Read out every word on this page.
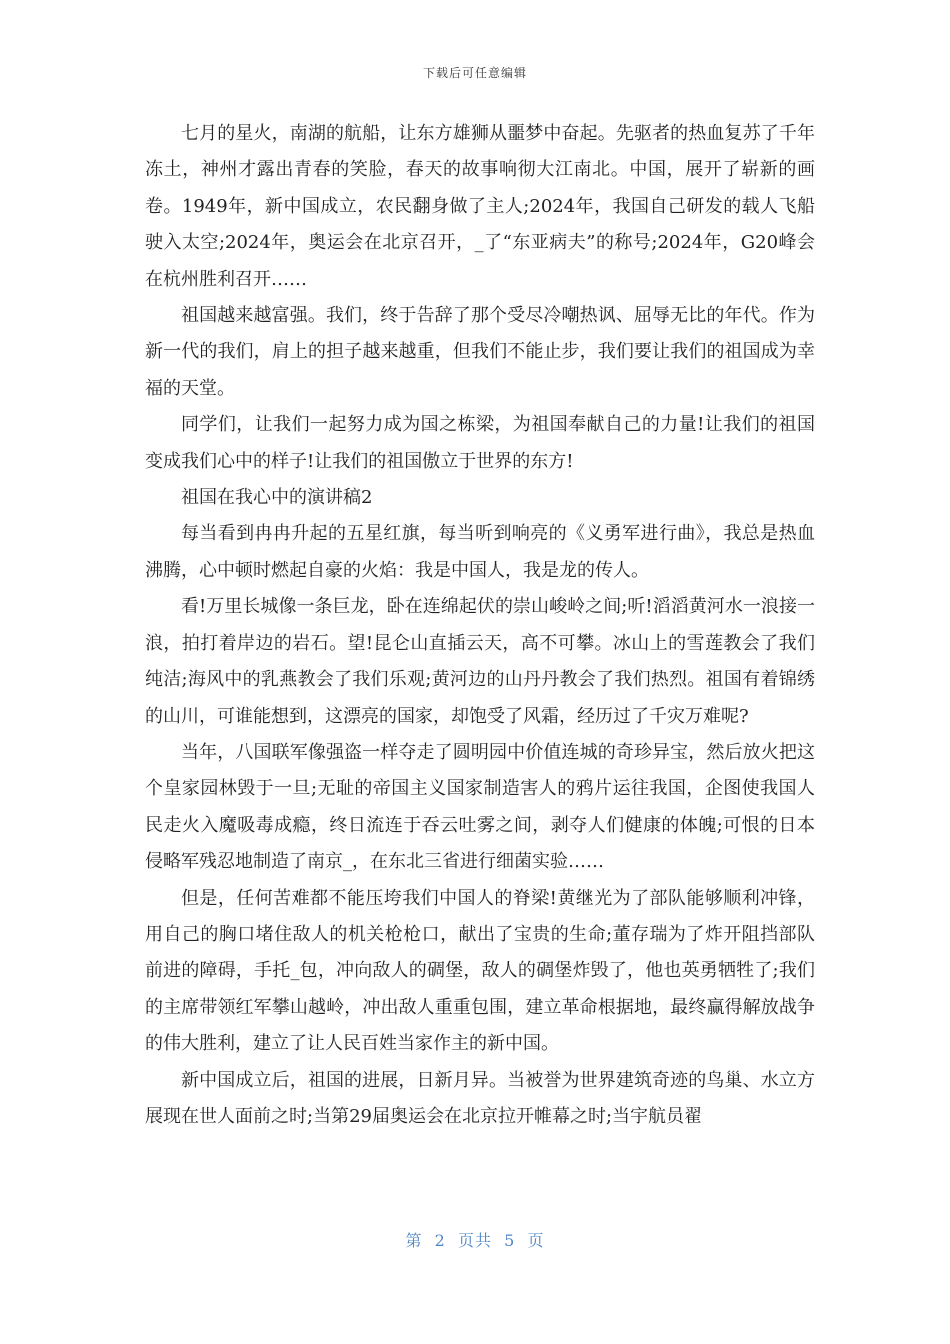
下载后可任意编辑

七月的星火，南湖的航船，让东方雄狮从噩梦中奋起。先驱者的热血复苏了千年冻土，神州才露出青春的笑脸，春天的故事响彻大江南北。中国，展开了崭新的画卷。1949年，新中国成立，农民翻身做了主人;2024年，我国自己研发的载人飞船驶入太空;2024年，奥运会在北京召开，_了“东亚病夫”的称号;2024年，G20峰会在杭州胜利召开……

祖国越来越富强。我们，终于告辞了那个受尽冷嘲热讽、屈辱无比的年代。作为新一代的我们，肩上的担子越来越重，但我们不能止步，我们要让我们的祖国成为幸福的天堂。

同学们，让我们一起努力成为国之栋梁，为祖国奉献自己的力量!让我们的祖国变成我们心中的样子!让我们的祖国傲立于世界的东方!

祖国在我心中的演讲稿2

每当看到冉冉升起的五星红旗，每当听到响亮的《义勇军进行曲》，我总是热血沸腾，心中顿时燃起自豪的火焰：我是中国人，我是龙的传人。

看!万里长城像一条巨龙，卧在连绵起伏的崇山峻岭之间;听!滔滔黄河水一浪接一浪，拍打着岸边的岩石。望!昆仑山直插云天，高不可攀。冰山上的雪莲教会了我们纯洁;海风中的乳燕教会了我们乐观;黄河边的山丹丹教会了我们热烈。祖国有着锦绣的山川，可谁能想到，这漂亮的国家，却饱受了风霜，经历过了千灾万难呢?

当年，八国联军像强盗一样夺走了圆明园中价值连城的奇珍异宝，然后放火把这个皇家园林毁于一旦;无耻的帝国主义国家制造害人的鸦片运往我国，企图使我国人民走火入魔吸毒成瘾，终日流连于吞云吐雾之间，剥夺人们健康的体魄;可恨的日本侵略军残忍地制造了南京_，在东北三省进行细菌实验……

但是，任何苦难都不能压垮我们中国人的脊梁!黄继光为了部队能够顺利冲锋，用自己的胸口堵住敌人的机关枪枪口，献出了宝贵的生命;董存瑞为了炸开阻挡部队前进的障碍，手托_包，冲向敌人的碉堡，敌人的碉堡炸毁了，他也英勇牺牲了;我们的主席带领红军攀山越岭，冲出敌人重重包围，建立革命根据地，最终赢得解放战争的伟大胜利，建立了让人民百姓当家作主的新中国。

新中国成立后，祖国的进展，日新月异。当被誉为世界建筑奇迹的鸟巢、水立方展现在世人面前之时;当第29届奥运会在北京拉开帷幕之时;当宇航员翟

第  2  页共  5  页
